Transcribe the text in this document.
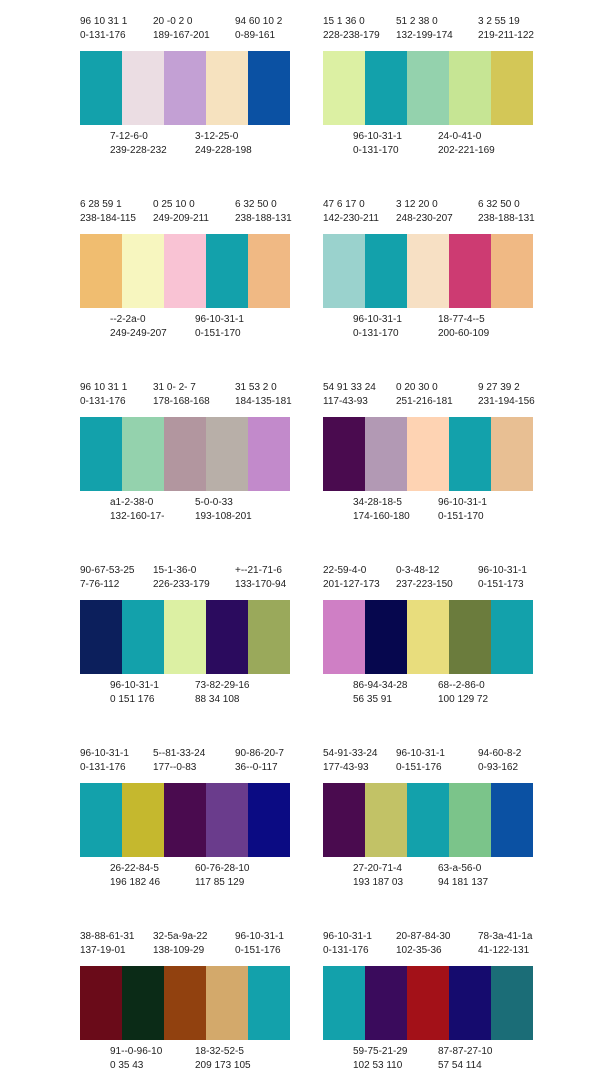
96 10 31 1
0-131-176
20 -0 2 0
189-167-201
94 60 10 2
0-89-161
7-12-6-0
239-228-232
3-12-25-0
249-228-198
15 1 36 0
228-238-179
51 2 38 0
132-199-174
3 2 55 19
219-211-122
96-10-31-1
0-131-170
24-0-41-0
202-221-169
6 28 59 1
238-184-115
0 25 10 0
249-209-211
6 32 50 0
238-188-131
--2-2a-0
249-249-207
96-10-31-1
0-151-170
47 6 17 0
142-230-211
3 12 20 0
248-230-207
6 32 50 0
238-188-131
96-10-31-1
0-131-170
18-77-4--5
200-60-109
96 10 31 1
0-131-176
31 0- 2- 7
178-168-168
31 53 2 0
184-135-181
a1-2-38-0
132-160-17-
5-0-0-33
193-108-201
54 91 33 24
117-43-93
0 20 30 0
251-216-181
9 27 39 2
231-194-156
34-28-18-5
174-160-180
96-10-31-1
0-151-170
90-67-53-25
7-76-112
15-1-36-0
226-233-179
+--21-71-6
133-170-94
96-10-31-1
0 151 176
73-82-29-16
88 34 108
22-59-4-0
201-127-173
0-3-48-12
237-223-150
96-10-31-1
0-151-173
86-94-34-28
56 35 91
68--2-86-0
100 129 72
96-10-31-1
0-131-176
5--81-33-24
177--0-83
90-86-20-7
36--0-117
26-22-84-5
196 182 46
60-76-28-10
117 85 129
54-91-33-24
177-43-93
96-10-31-1
0-151-176
94-60-8-2
0-93-162
27-20-71-4
193 187 03
63-a-56-0
94 181 137
38-88-61-31
137-19-01
32-5a-9a-22
138-109-29
96-10-31-1
0-151-176
91--0-96-10
0 35 43
18-32-52-5
209 173 105
96-10-31-1
0-131-176
20-87-84-30
102-35-36
78-3a-41-1a
41-122-131
59-75-21-29
102 53 110
87-87-27-10
57 54 114
